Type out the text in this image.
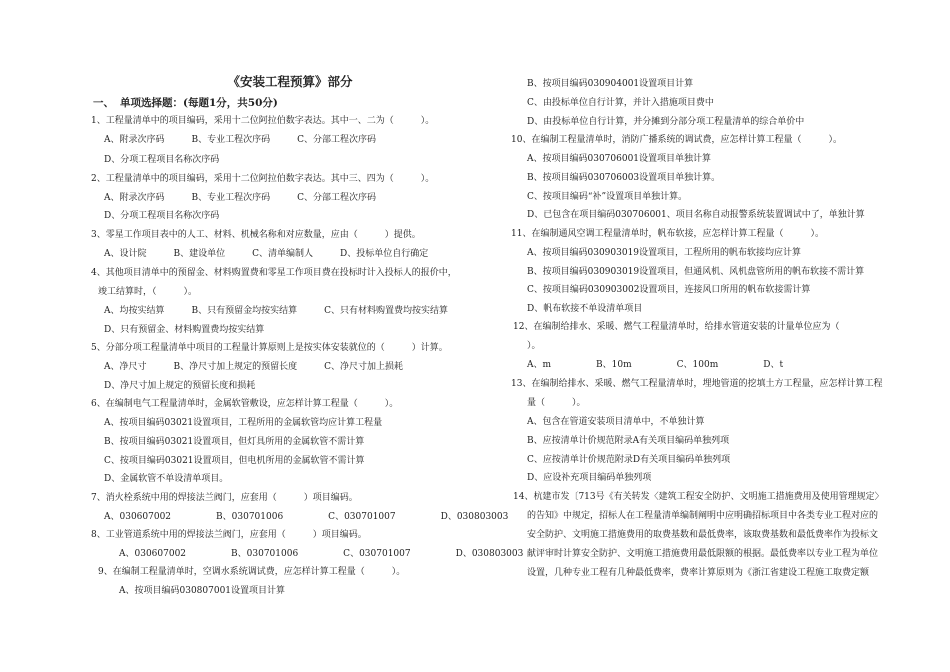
《安装工程预算》部分
一、 单项选择题：(每题1分，共50分)
1、工程量清单中的项目编码，采用十二位阿拉伯数字表达。其中一、二为（　　　）。
A、附录次序码　　　B、专业工程次序码　　　C、分部工程次序码
D、分项工程项目名称次序码
2、工程量清单中的项目编码，采用十二位阿拉伯数字表达。其中三、四为（　　　）。
A、附录次序码　　　B、专业工程次序码　　　C、分部工程次序码
D、分项工程项目名称次序码
3、零星工作项目表中的人工、材料、机械名称和对应数量，应由（　　　）提供。
A、设计院　　　B、建设单位　　　C、清单编制人　　　D、投标单位自行确定
4、其他项目清单中的预留金、材料购置费和零星工作项目费在投标时计入投标人的报价中，
竣工结算时，（　　　）。
A、均按实结算　　　B、只有预留金均按实结算　　　C、只有材料购置费均按实结算
D、只有预留金、材料购置费均按实结算
5、分部分项工程量清单中项目的工程量计算原则上是按实体安装就位的（　　　）计算。
A、净尺寸　　　B、净尺寸加上规定的预留长度　　　C、净尺寸加上损耗
D、净尺寸加上规定的预留长度和损耗
6、在编制电气工程量清单时，金属软管敷设，应怎样计算工程量（　　　）。
A、按项目编码03021设置项目，工程所用的金属软管均应计算工程量
B、按项目编码03021设置项目，但灯具所用的金属软管不需计算
C、按项目编码03021设置项目，但电机所用的金属软管不需计算
D、金属软管不单设清单项目。
7、消火栓系统中用的焊接法兰阀门，应套用（　　　）项目编码。
A、030607002　　　　　B、030701006　　　　　C、030701007　　　　　D、030803003
8、工业管道系统中用的焊接法兰阀门，应套用（　　　）项目编码。
A、030607002　　　　　B、030701006　　　　　C、030701007　　　　　D、030803003
9、在编制工程量清单时，空调水系统调试费，应怎样计算工程量（　　　）。
A、按项目编码030807001设置项目计算
B、按项目编码030904001设置项目计算
C、由投标单位自行计算，并计入措施项目费中
D、由投标单位自行计算，并分摊到分部分项工程量清单的综合单价中
10、在编制工程量清单时，消防广播系统的调试费，应怎样计算工程量（　　　）。
A、按项目编码030706001设置项目单独计算
B、按项目编码030706003设置项目单独计算。
C、按项目编码“补”设置项目单独计算。
D、已包含在项目编码030706001、项目名称自动报警系统装置调试中了，单独计算
11、在编制通风空调工程量清单时，帆布软接，应怎样计算工程量（　　　）。
A、按项目编码030903019设置项目，工程所用的帆布软接均应计算
B、按项目编码030903019设置项目，但通风机、风机盘管所用的帆布软接不需计算
C、按项目编码030903002设置项目，连接风口所用的帆布软接需计算
D、帆布软接不单设清单项目
12、在编制给排水、采暖、燃气工程量清单时，给排水管道安装的计量单位应为（
）。
A、m　　　　　B、10m　　　　　C、100m　　　　　D、t
13、在编制给排水、采暖、燃气工程量清单时，埋地管道的挖填土方工程量，应怎样计算工程
量（　　　）。
A、包含在管道安装项目清单中，不单独计算
B、应按清单计价规范附录A有关项目编码单独列项
C、应按清单计价规范附录D有关项目编码单独列项
D、应设补充项目编码单独列项
14、杭建市发〔713号《有关转发〈建筑工程安全防护、文明施工措施费用及使用管理规定〉
的告知》中规定，招标人在工程量清单编制阐明中应明确招标项目中各类专业工程对应的
安全防护、文明施工措施费用的取费基数和最低费率，该取费基数和最低费率作为投标文
献评审时计算安全防护、文明施工措施费用最低限额的根据。最低费率以专业工程为单位
设置，几种专业工程有几种最低费率，费率计算原则为《浙江省建设工程施工取费定额
